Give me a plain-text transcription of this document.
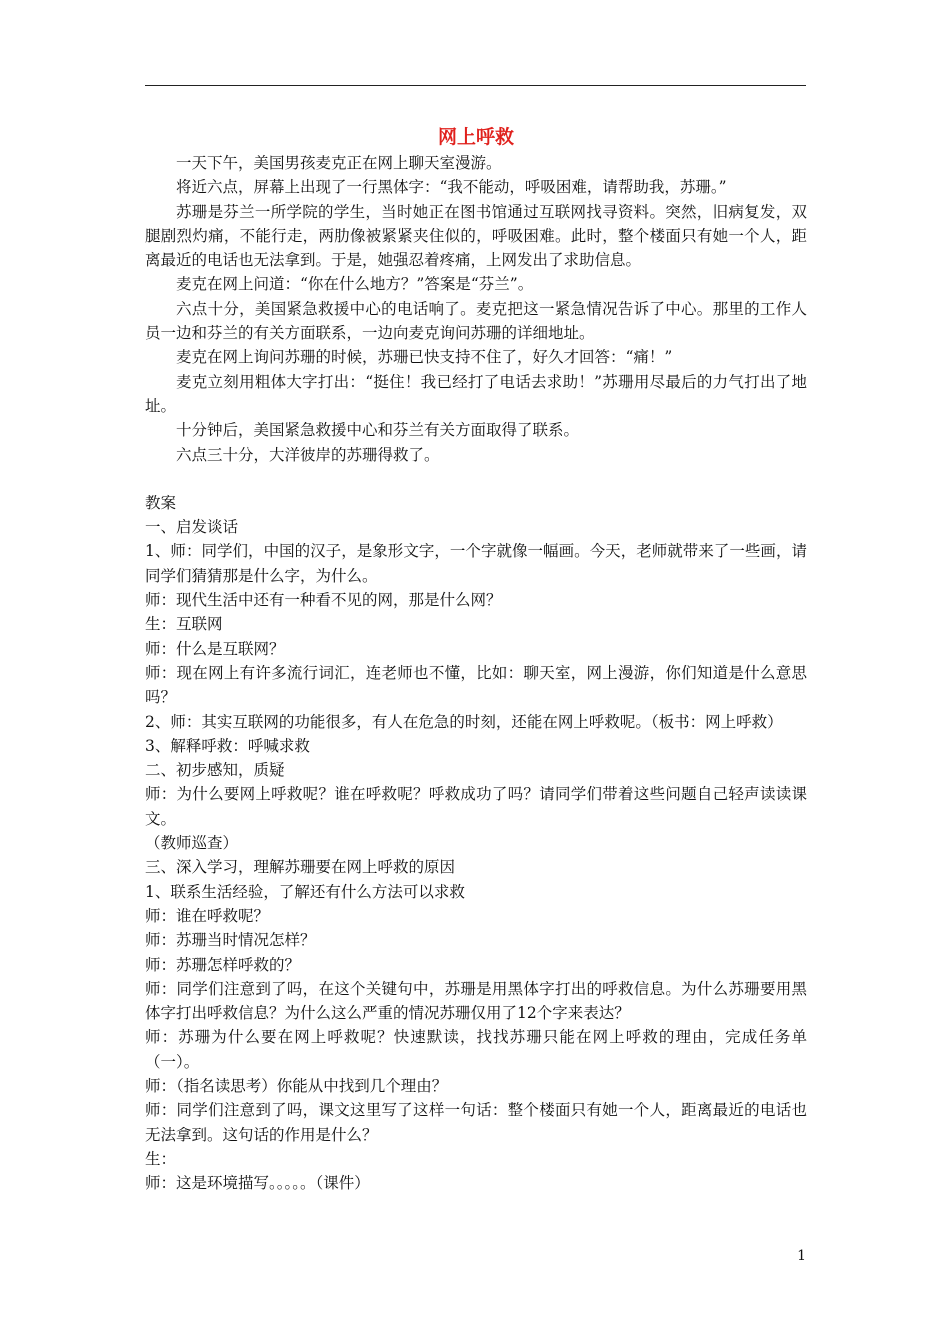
网上呼救

一天下午，美国男孩麦克正在网上聊天室漫游。

将近六点，屏幕上出现了一行黑体字：“我不能动，呼吸困难，请帮助我，苏珊。”

苏珊是芬兰一所学院的学生，当时她正在图书馆通过互联网找寻资料。突然，旧病复发，双腿剧烈灼痛，不能行走，两肋像被紧紧夹住似的，呼吸困难。此时，整个楼面只有她一个人，距离最近的电话也无法拿到。于是，她强忍着疼痛，上网发出了求助信息。

麦克在网上问道：“你在什么地方？”答案是“芬兰”。

六点十分，美国紧急救援中心的电话响了。麦克把这一紧急情况告诉了中心。那里的工作人员一边和芬兰的有关方面联系，一边向麦克询问苏珊的详细地址。

麦克在网上询问苏珊的时候，苏珊已快支持不住了，好久才回答：“痛！”

麦克立刻用粗体大字打出：“挺住！我已经打了电话去求助！”苏珊用尽最后的力气打出了地址。

十分钟后，美国紧急救援中心和芬兰有关方面取得了联系。

六点三十分，大洋彼岸的苏珊得救了。

教案

一、启发谈话

1、师：同学们，中国的汉子，是象形文字，一个字就像一幅画。今天，老师就带来了一些画，请同学们猜猜那是什么字，为什么。

师：现代生活中还有一种看不见的网，那是什么网？

生：互联网

师：什么是互联网？

师：现在网上有许多流行词汇，连老师也不懂，比如：聊天室，网上漫游，你们知道是什么意思吗？

2、师：其实互联网的功能很多，有人在危急的时刻，还能在网上呼救呢。（板书：网上呼救）

3、解释呼救：呼喊求救

二、初步感知，质疑

师：为什么要网上呼救呢？谁在呼救呢？呼救成功了吗？请同学们带着这些问题自己轻声读读课文。

（教师巡查）

三、深入学习，理解苏珊要在网上呼救的原因

1、联系生活经验，了解还有什么方法可以求救

师：谁在呼救呢？

师：苏珊当时情况怎样？

师：苏珊怎样呼救的？

师：同学们注意到了吗，在这个关键句中，苏珊是用黑体字打出的呼救信息。为什么苏珊要用黑体字打出呼救信息？为什么这么严重的情况苏珊仅用了12个字来表达？

师：苏珊为什么要在网上呼救呢？快速默读，找找苏珊只能在网上呼救的理由，完成任务单（一）。

师：（指名读思考）你能从中找到几个理由？

师：同学们注意到了吗，课文这里写了这样一句话：整个楼面只有她一个人，距离最近的电话也无法拿到。这句话的作用是什么？

生：

师：这是环境描写。。。。。（课件）

1
